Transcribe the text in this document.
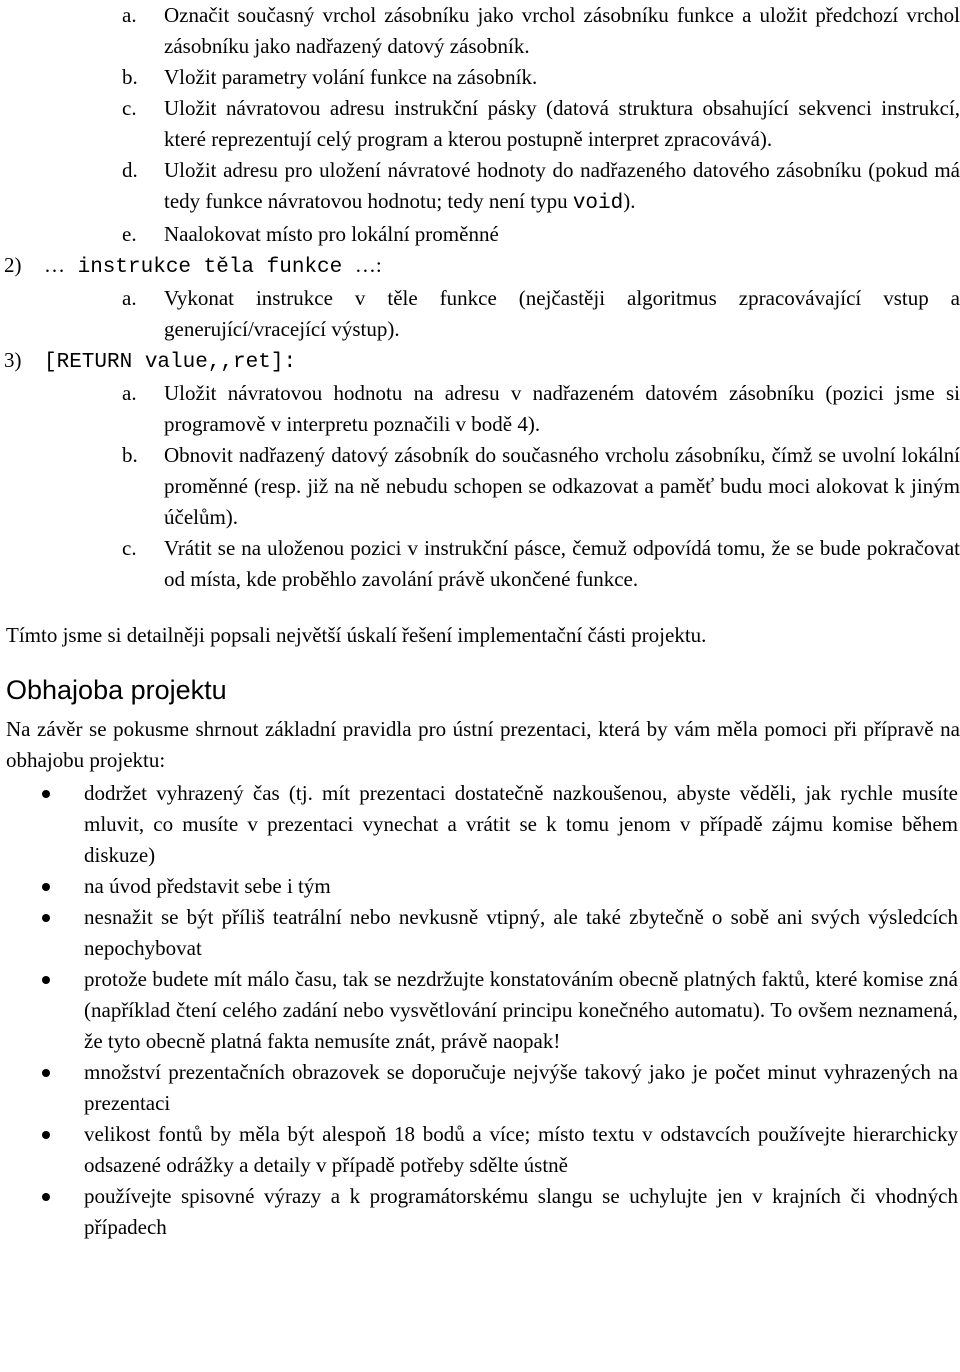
a. Označit současný vrchol zásobníku jako vrchol zásobníku funkce a uložit předchozí vrchol zásobníku jako nadřazený datový zásobník.
b. Vložit parametry volání funkce na zásobník.
c. Uložit návratovou adresu instrukční pásky (datová struktura obsahující sekvenci instrukcí, které reprezentují celý program a kterou postupně interpret zpracovává).
d. Uložit adresu pro uložení návratové hodnoty do nadřazeného datového zásobníku (pokud má tedy funkce návratovou hodnotu; tedy není typu void).
e. Naalokovat místo pro lokální proměnné
2) … instrukce těla funkce …:
a. Vykonat instrukce v těle funkce (nejčastěji algoritmus zpracovávající vstup a generující/vracející výstup).
3) [RETURN value,,ret]:
a. Uložit návratovou hodnotu na adresu v nadřazeném datovém zásobníku (pozici jsme si programově v interpretu poznačili v bodě 4).
b. Obnovit nadřazený datový zásobník do současného vrcholu zásobníku, čímž se uvolní lokální proměnné (resp. již na ně nebudu schopen se odkazovat a paměť budu moci alokovat k jiným účelům).
c. Vrátit se na uloženou pozici v instrukční pásce, čemuž odpovídá tomu, že se bude pokračovat od místa, kde proběhlo zavolání právě ukončené funkce.
Tímto jsme si detailněji popsali největší úskalí řešení implementační části projektu.
Obhajoba projektu
Na závěr se pokusme shrnout základní pravidla pro ústní prezentaci, která by vám měla pomoci při přípravě na obhajobu projektu:
dodržet vyhrazený čas (tj. mít prezentaci dostatečně nazkoušenou, abyste věděli, jak rychle musíte mluvit, co musíte v prezentaci vynechat a vrátit se k tomu jenom v případě zájmu komise během diskuze)
na úvod představit sebe i tým
nesnažit se být příliš teatrální nebo nevkusně vtipný, ale také zbytečně o sobě ani svých výsledcích nepochybovat
protože budete mít málo času, tak se nezdržujte konstatováním obecně platných faktů, které komise zná (například čtení celého zadání nebo vysvětlování principu konečného automatu). To ovšem neznamená, že tyto obecně platná fakta nemusíte znát, právě naopak!
množství prezentačních obrazovek se doporučuje nejvýše takový jako je počet minut vyhrazených na prezentaci
velikost fontů by měla být alespoň 18 bodů a více; místo textu v odstavcích používejte hierarchicky odsazené odrážky a detaily v případě potřeby sdělte ústně
používejte spisovné výrazy a k programátorskému slangu se uchylujte jen v krajních či vhodných případech
